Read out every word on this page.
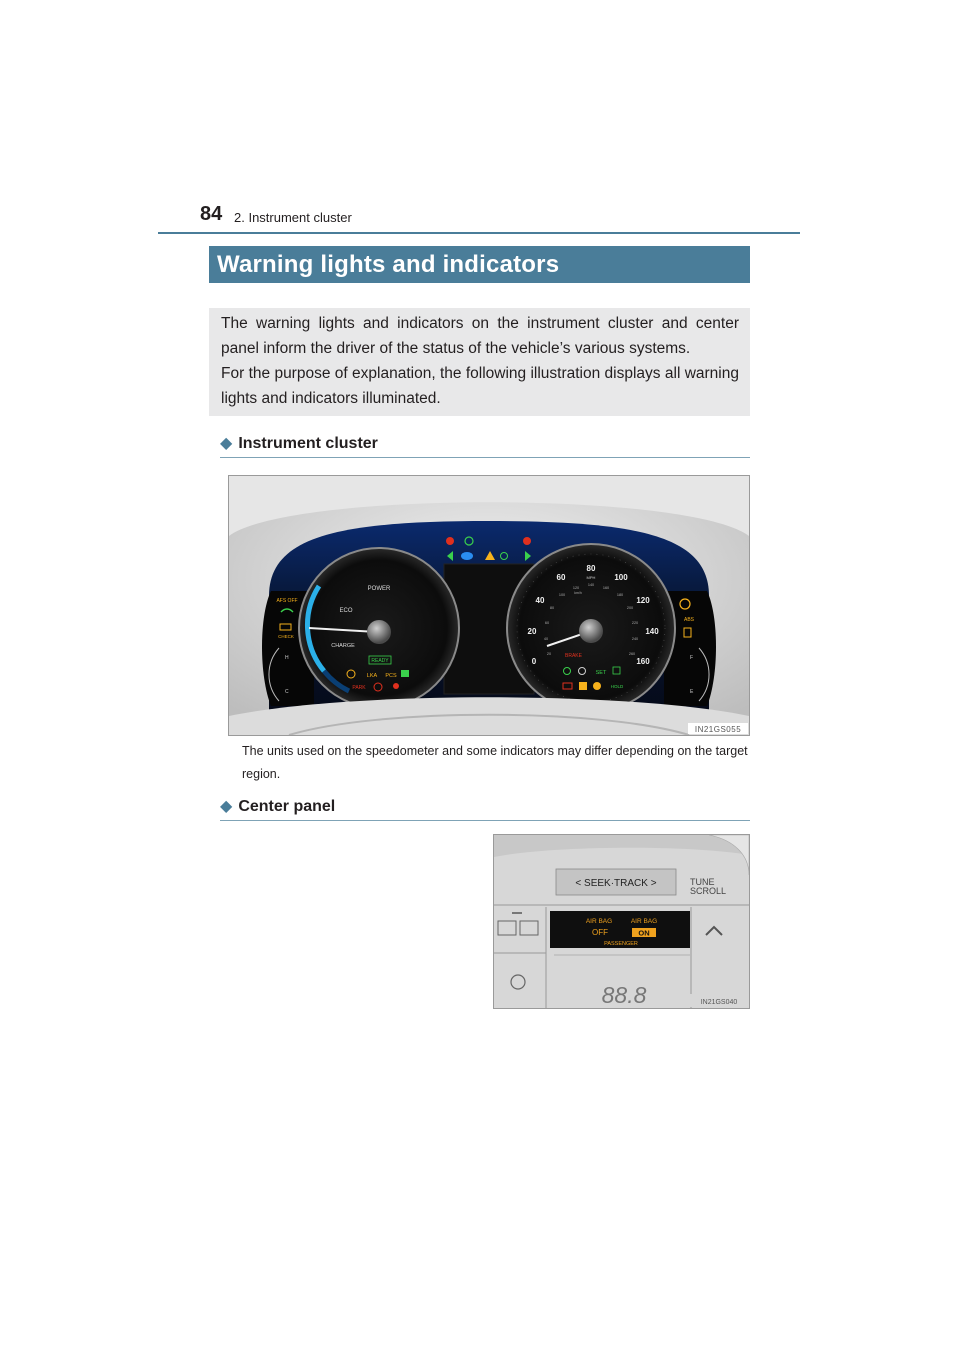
84 2. Instrument cluster
Warning lights and indicators

The warning lights and indicators on the instrument cluster and center panel inform the driver of the status of the vehicle’s various systems.

For the purpose of explanation, the following illustration displays all warning lights and indicators illuminated.

◆ Instrument cluster
POWER
ECO
CHARGE
READY
LKA PCS
PARK
AFS OFF
CHECK
H
C
0
20
40
60
80
100
120
140
160
MPH
20
40
60
80
100
120
140
160
180
200
220
240
260
km/h
BRAKE
SET
HOLD
ABS
F
E
IN21GS055
The units used on the speedometer and some indicators may differ depending on the target region.
◆ Center panel
< SEEK·TRACK >	TUNE
SCROLL
AIR BAG	AIR BAG
OFF	ON
PASSENGER
88.8	IN21GS040
